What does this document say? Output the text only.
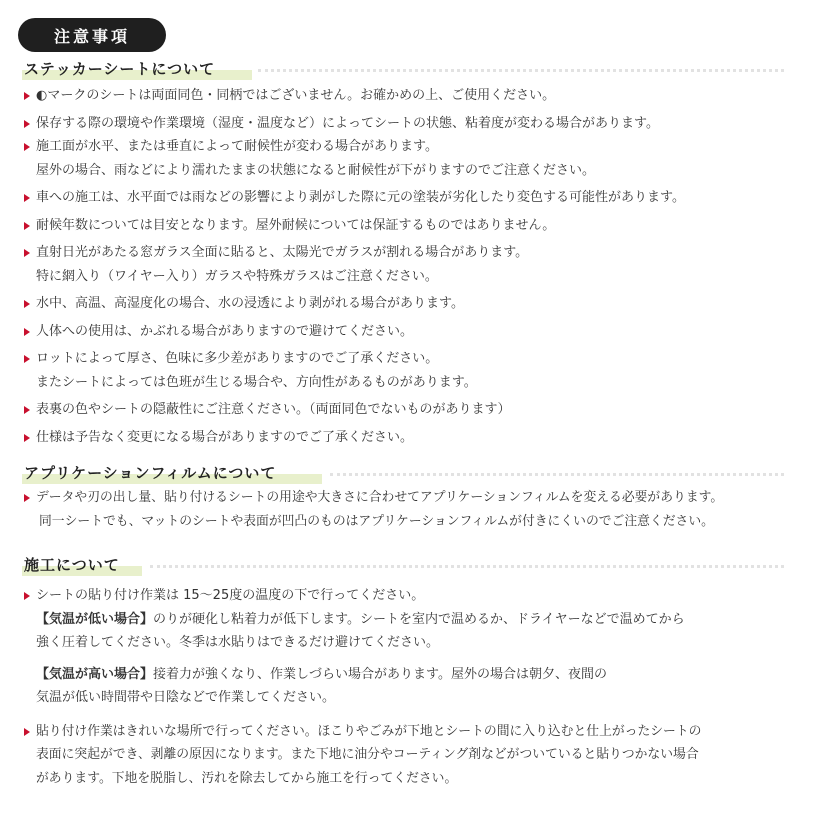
注意事項
ステッカーシートについて
◐マークのシートは両面同色・同柄ではございません。お確かめの上、ご使用ください。
保存する際の環境や作業環境（湿度・温度など）によってシートの状態、粘着度が変わる場合があります。
施工面が水平、または垂直によって耐候性が変わる場合があります。
屋外の場合、雨などにより濡れたままの状態になると耐候性が下がりますのでご注意ください。
車への施工は、水平面では雨などの影響により剥がした際に元の塗装が劣化したり変色する可能性があります。
耐候年数については目安となります。屋外耐候については保証するものではありません。
直射日光があたる窓ガラス全面に貼ると、太陽光でガラスが割れる場合があります。
特に網入り（ワイヤー入り）ガラスや特殊ガラスはご注意ください。
水中、高温、高湿度化の場合、水の浸透により剥がれる場合があります。
人体への使用は、かぶれる場合がありますので避けてください。
ロットによって厚さ、色味に多少差がありますのでご了承ください。
またシートによっては色班が生じる場合や、方向性があるものがあります。
表裏の色やシートの隠蔽性にご注意ください。（両面同色でないものがあります）
仕様は予告なく変更になる場合がありますのでご了承ください。
アプリケーションフィルムについて
データや刃の出し量、貼り付けるシートの用途や大きさに合わせてアプリケーションフィルムを変える必要があります。
同一シートでも、マットのシートや表面が凹凸のものはアプリケーションフィルムが付きにくいのでご注意ください。
施工について
シートの貼り付け作業は 15～25度の温度の下で行ってください。
【気温が低い場合】のりが硬化し粘着力が低下します。シートを室内で温めるか、ドライヤーなどで温めてから
強く圧着してください。冬季は水貼りはできるだけ避けてください。
【気温が高い場合】接着力が強くなり、作業しづらい場合があります。屋外の場合は朝夕、夜間の
気温が低い時間帯や日陰などで作業してください。
貼り付け作業はきれいな場所で行ってください。ほこりやごみが下地とシートの間に入り込むと仕上がったシートの
表面に突起ができ、剥離の原因になります。また下地に油分やコーティング剤などがついていると貼りつかない場合
があります。下地を脱脂し、汚れを除去してから施工を行ってください。
